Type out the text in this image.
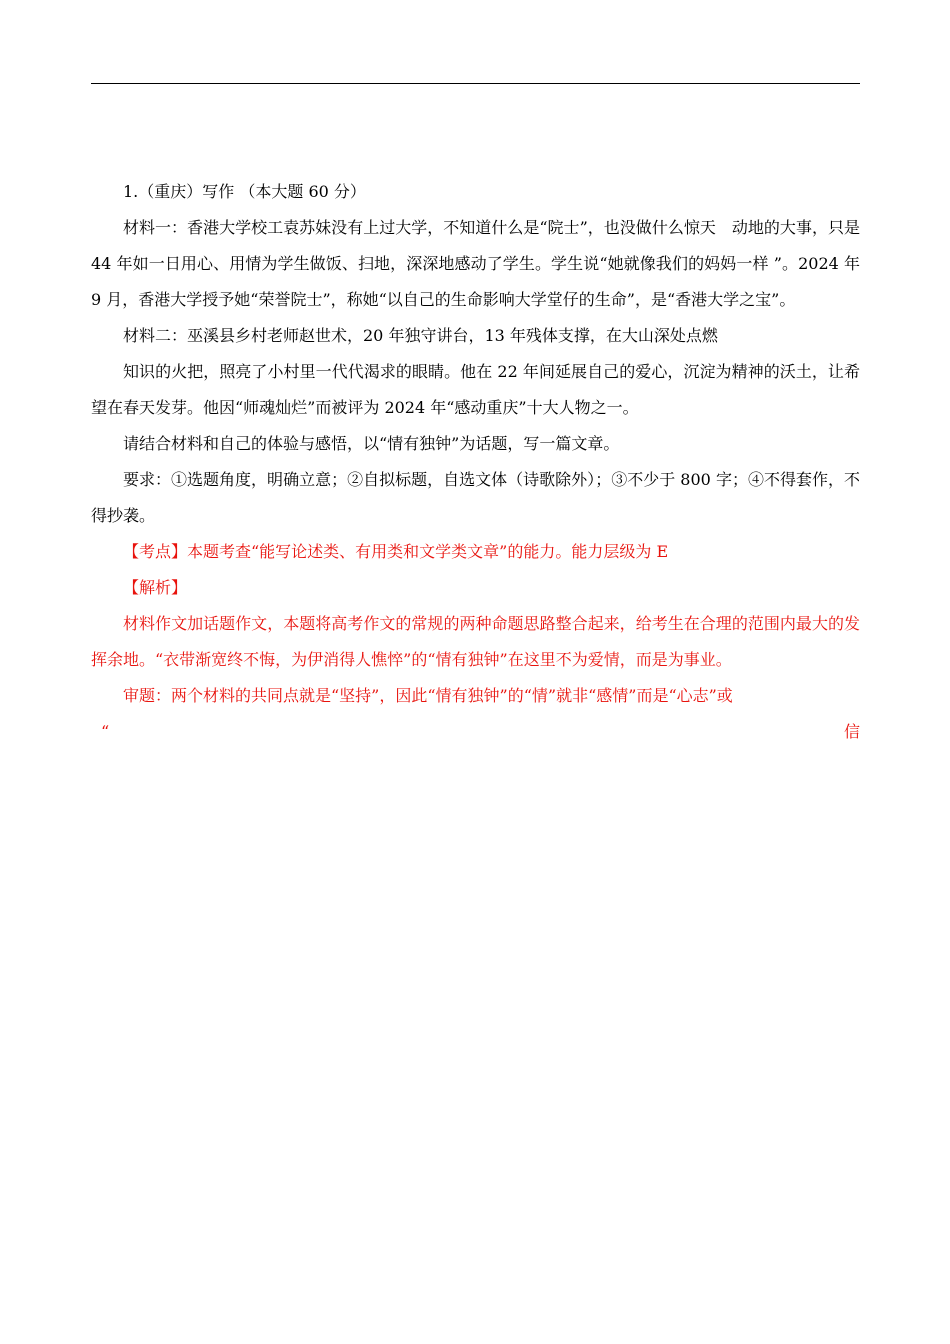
1.（重庆）写作 （本大题 60 分）

材料一：香港大学校工袁苏妹没有上过大学，不知道什么是“院士”，也没做什么惊天　动地的大事，只是 44 年如一日用心、用情为学生做饭、扫地，深深地感动了学生。学生说“她就像我们的妈妈一样 ”。2024 年 9 月，香港大学授予她“荣誉院士”，称她“以自己的生命影响大学堂仔的生命”，是“香港大学之宝”。

材料二：巫溪县乡村老师赵世术，20 年独守讲台，13 年残体支撑，在大山深处点燃

知识的火把，照亮了小村里一代代渴求的眼睛。他在 22 年间延展自己的爱心，沉淀为精神的沃土，让希望在春天发芽。他因“师魂灿烂”而被评为 2024 年“感动重庆”十大人物之一。

请结合材料和自己的体验与感悟，以“情有独钟”为话题，写一篇文章。

要求：①选题角度，明确立意；②自拟标题，自选文体（诗歌除外）；③不少于 800 字；④不得套作，不得抄袭。

【考点】本题考查“能写论述类、有用类和文学类文章”的能力。能力层级为 E

【解析】

材料作文加话题作文，本题将高考作文的常规的两种命题思路整合起来，给考生在合理的范围内最大的发挥余地。“衣带渐宽终不悔，为伊消得人憔悴”的“情有独钟”在这里不为爱情，而是为事业。

审题：两个材料的共同点就是“坚持”，因此“情有独钟”的“情”就非“感情”而是“心志”或

“	信
